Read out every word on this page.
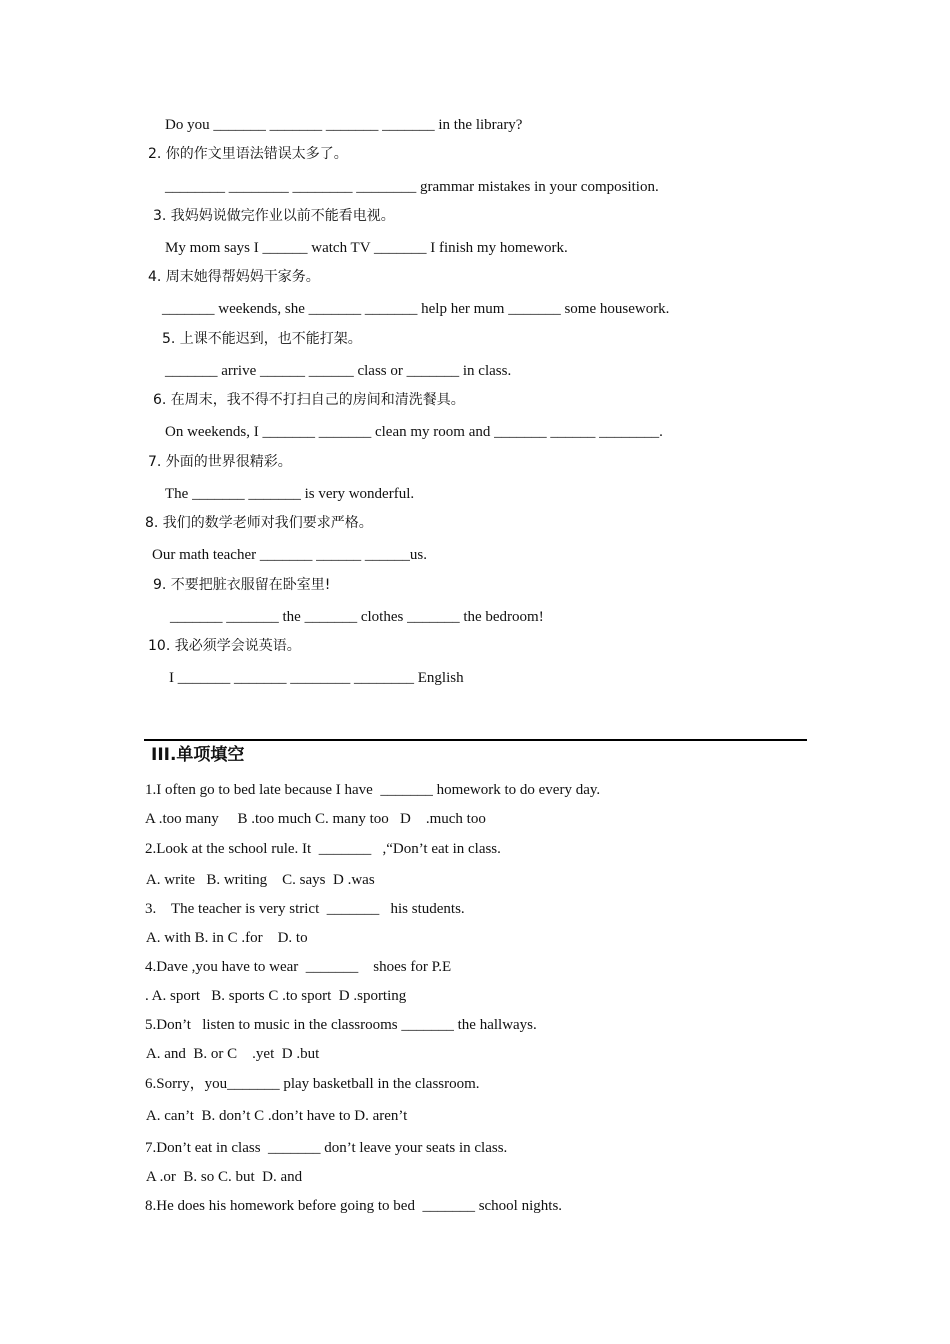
Do you _______ _______ _______ _______ in the library?
2. 你的作文里语法错误太多了。
________ ________ ________ ________ grammar mistakes in your composition.
3. 我妈妈说做完作业以前不能看电视。
My mom says I ______ watch TV _______ I finish my homework.
4. 周末她得帮妈妈干家务。
_______ weekends, she _______ _______ help her mum _______ some housework.
5. 上课不能迟到，也不能打架。
_______ arrive ______ ______ class or _______ in class.
6. 在周末，我不得不打扫自己的房间和清洗餐具。
On weekends, I _______ _______ clean my room and _______ ______ ________.
7. 外面的世界很精彩。
The _______ _______ is very wonderful.
8. 我们的数学老师对我们要求严格。
Our math teacher _______ ______ ______us.
9. 不要把脏衣服留在卧室里!
_______ _______ the _______ clothes _______ the bedroom!
10. 我必须学会说英语。
I _______ _______ ________ ________ English
III.单项填空
1.I often go to bed late because I have  _______ homework to do every day.
A .too many     B .too much C. many too   D    .much too
2.Look at the school rule. It  _______   ,“Don’t eat in class.
A. write   B. writing    C. says  D .was
3.    The teacher is very strict  _______   his students.
A. with B. in C .for    D. to
4.Dave ,you have to wear  _______    shoes for P.E
. A. sport   B. sports C .to sport  D .sporting
5.Don’t   listen to music in the classrooms _______ the hallways.
A. and  B. or C    .yet  D .but
6.Sorry，you_______ play basketball in the classroom.
A. can’t  B. don’t C .don’t have to D. aren’t
7.Don’t eat in class  _______ don’t leave your seats in class.
A .or  B. so C. but  D. and
8.He does his homework before going to bed  _______ school nights.
